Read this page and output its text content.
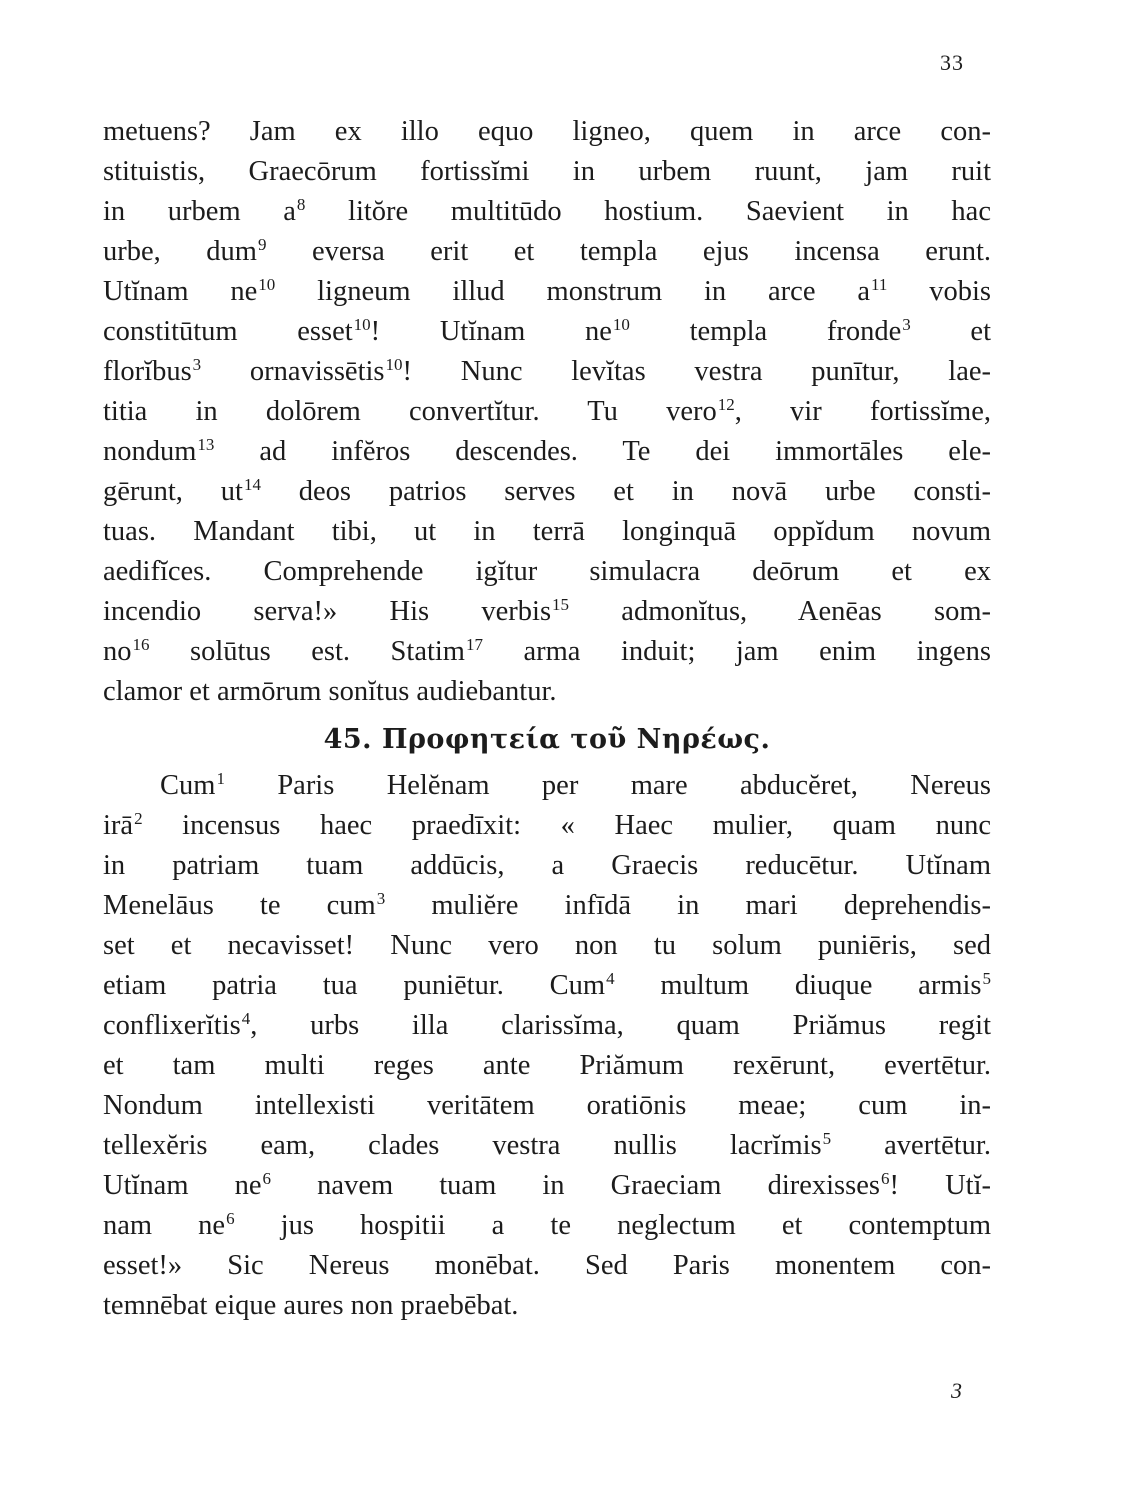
33
metuens? Jam ex illo equo ligneo, quem in arce con-
stituistis, Graecōrum fortissĭmi in urbem ruunt, jam ruit
in urbem $a^8$ litŏre multitūdo hostium. Saevient in hac
urbe, dum$^9$ eversa erit et templa ejus incensa erunt.
Utĭnam $ne^{10}$ ligneum illud monstrum in arce $a^{11}$ vobis
constitūtum esset$^{10}$! Utĭnam $ne^{10}$ templa fronde$^3$ et
florĭbus$^3$ ornavissētis$^{10}$! Nunc levĭtas vestra punītur, lae-
titia in dolōrem convertĭtur. Tu vero$^{12}$, vir fortissĭme,
nondum$^{13}$ ad infĕros descendes. Te dei immortāles ele-
gērunt, $ut^{14}$ deos patrios serves et in novā urbe consti-
tuas. Mandant tibi, ut in terrā longinquā oppĭdum novum
aedifĭces. Comprehende igĭtur simulacra deōrum et ex
incendio serva!» His verbis$^{15}$ admonĭtus, Aenēas som-
$no^{16}$ solūtus est. Statim$^{17}$ arma induit; jam enim ingens
clamor et armōrum sonĭtus audiebantur.
45. Προφητεία τοῦ Νηρέως.
Cum$^1$ Paris Helĕnam per mare abducĕret, Nereus
irā$^2$ incensus haec praedīxit: « Haec mulier, quam nunc
in patriam tuam addūcis, a Graecis reducētur. Utĭnam
Menelāus te cum$^3$ muliĕre infīdā in mari deprehendis-
set et necavisset! Nunc vero non tu solum puniēris, sed
etiam patria tua puniētur. Cum$^4$ multum diuque armis$^5$
conflixerĭtis$^4$, urbs illa clarissĭma, quam Priămus regit
et tam multi reges ante Priămum rexērunt, evertētur.
Nondum intellexisti veritātem oratiōnis meae; cum in-
tellexĕris eam, clades vestra nullis lacrĭmis$^5$ avertētur.
Utĭnam $ne^6$ navem tuam in Graeciam direxisses$^6$! Utĭ-
nam $ne^6$ jus hospitii a te neglectum et contemptum
esset!» Sic Nereus monēbat. Sed Paris monentem con-
temnēbat eique aures non praebēbat.
3
